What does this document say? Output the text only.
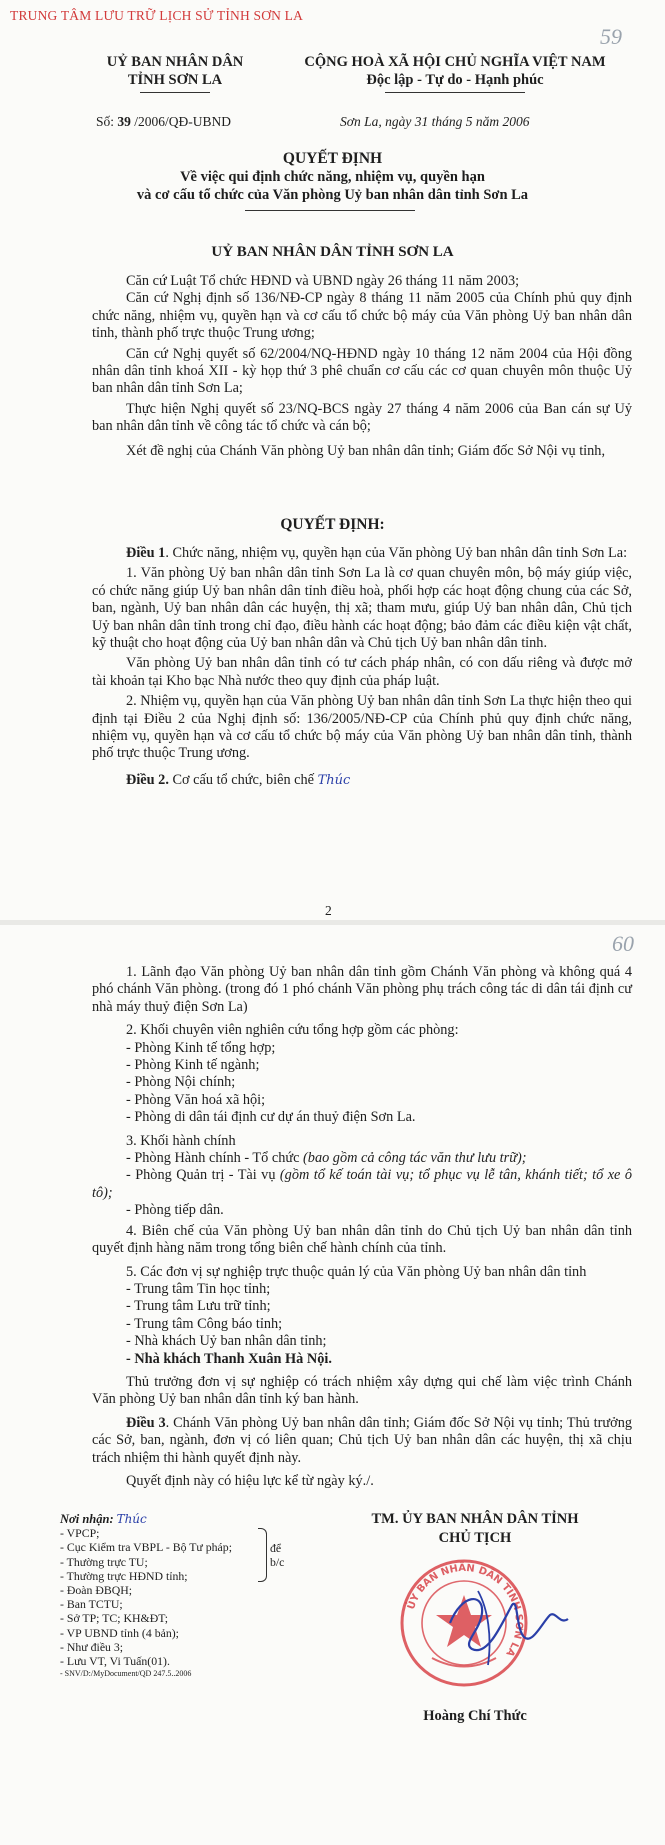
TRUNG TÂM LƯU TRỮ LỊCH SỬ TỈNH SƠN LA
59
UỶ BAN NHÂN DÂN
TỈNH SƠN LA
CỘNG HOÀ XÃ HỘI CHỦ NGHĨA VIỆT NAM
Độc lập - Tự do - Hạnh phúc
Số: 39 /2006/QĐ-UBND	Sơn La, ngày 31 tháng 5 năm 2006
QUYẾT ĐỊNH
Về việc qui định chức năng, nhiệm vụ, quyền hạn
và cơ cấu tổ chức của Văn phòng Uỷ ban nhân dân tỉnh Sơn La
UỶ BAN NHÂN DÂN TỈNH SƠN LA

Căn cứ Luật Tổ chức HĐND và UBND ngày 26 tháng 11 năm 2003;

Căn cứ Nghị định số 136/NĐ-CP ngày 8 tháng 11 năm 2005 của Chính phủ quy định chức năng, nhiệm vụ, quyền hạn và cơ cấu tổ chức bộ máy của Văn phòng Uỷ ban nhân dân tỉnh, thành phố trực thuộc Trung ương;

Căn cứ Nghị quyết số 62/2004/NQ-HĐND ngày 10 tháng 12 năm 2004 của Hội đồng nhân dân tỉnh khoá XII - kỳ họp thứ 3 phê chuẩn cơ cấu các cơ quan chuyên môn thuộc Uỷ ban nhân dân tỉnh Sơn La;

Thực hiện Nghị quyết số 23/NQ-BCS ngày 27 tháng 4 năm 2006 của Ban cán sự Uỷ ban nhân dân tỉnh về công tác tổ chức và cán bộ;

Xét đề nghị của Chánh Văn phòng Uỷ ban nhân dân tỉnh; Giám đốc Sở Nội vụ tỉnh,

QUYẾT ĐỊNH:

Điều 1. Chức năng, nhiệm vụ, quyền hạn của Văn phòng Uỷ ban nhân dân tỉnh Sơn La:

1. Văn phòng Uỷ ban nhân dân tỉnh Sơn La là cơ quan chuyên môn, bộ máy giúp việc, có chức năng giúp Uỷ ban nhân dân tỉnh điều hoà, phối hợp các hoạt động chung của các Sở, ban, ngành, Uỷ ban nhân dân các huyện, thị xã; tham mưu, giúp Uỷ ban nhân dân, Chủ tịch Uỷ ban nhân dân tỉnh trong chỉ đạo, điều hành các hoạt động; bảo đảm các điều kiện vật chất, kỹ thuật cho hoạt động của Uỷ ban nhân dân và Chủ tịch Uỷ ban nhân dân tỉnh.

Văn phòng Uỷ ban nhân dân tỉnh có tư cách pháp nhân, có con dấu riêng và được mở tài khoản tại Kho bạc Nhà nước theo quy định của pháp luật.

2. Nhiệm vụ, quyền hạn của Văn phòng Uỷ ban nhân dân tỉnh Sơn La thực hiện theo qui định tại Điều 2 của Nghị định số: 136/2005/NĐ-CP của Chính phủ quy định chức năng, nhiệm vụ, quyền hạn và cơ cấu tổ chức bộ máy của Văn phòng Uỷ ban nhân dân tỉnh, thành phố trực thuộc Trung ương.

Điều 2. Cơ cấu tổ chức, biên chế Thúc

2
60

1. Lãnh đạo Văn phòng Uỷ ban nhân dân tỉnh gồm Chánh Văn phòng và không quá 4 phó chánh Văn phòng. (trong đó 1 phó chánh Văn phòng phụ trách công tác di dân tái định cư nhà máy thuỷ điện Sơn La)

2. Khối chuyên viên nghiên cứu tổng hợp gồm các phòng:

- Phòng Kinh tế tổng hợp;

- Phòng Kinh tế ngành;

- Phòng Nội chính;

- Phòng Văn hoá xã hội;

- Phòng di dân tái định cư dự án thuỷ điện Sơn La.

3. Khối hành chính

- Phòng Hành chính - Tổ chức (bao gồm cả công tác văn thư lưu trữ);

- Phòng Quản trị - Tài vụ (gồm tổ kế toán tài vụ; tổ phục vụ lễ tân, khánh tiết; tổ xe ô tô);

- Phòng tiếp dân.

4. Biên chế của Văn phòng Uỷ ban nhân dân tỉnh do Chủ tịch Uỷ ban nhân dân tỉnh quyết định hàng năm trong tổng biên chế hành chính của tỉnh.

5. Các đơn vị sự nghiệp trực thuộc quản lý của Văn phòng Uỷ ban nhân dân tỉnh

- Trung tâm Tin học tỉnh;

- Trung tâm Lưu trữ tỉnh;

- Trung tâm Công báo tỉnh;

- Nhà khách Uỷ ban nhân dân tỉnh;

- Nhà khách Thanh Xuân Hà Nội.

Thủ trưởng đơn vị sự nghiệp có trách nhiệm xây dựng qui chế làm việc trình Chánh Văn phòng Uỷ ban nhân dân tỉnh ký ban hành.

Điều 3. Chánh Văn phòng Uỷ ban nhân dân tỉnh; Giám đốc Sở Nội vụ tỉnh; Thủ trưởng các Sở, ban, ngành, đơn vị có liên quan; Chủ tịch Uỷ ban nhân dân các huyện, thị xã chịu trách nhiệm thi hành quyết định này.

Quyết định này có hiệu lực kể từ ngày ký./.

Nơi nhận: Thúc
- VPCP;
- Cục Kiểm tra VBPL - Bộ Tư pháp;
- Thường trực TU;
- Thường trực HĐND tỉnh;
- Đoàn ĐBQH;
- Ban TCTU;
- Sở TP; TC; KH&ĐT;
- VP UBND tỉnh (4 bản);
- Như điều 3;
- Lưu VT, Vi Tuấn(01).
- SNV/D:/MyDocument/QD 247.5..2006
để
b/c
TM. ỦY BAN NHÂN DÂN TỈNH
CHỦ TỊCH
ỦY BAN NHÂN DÂN TỈNH SƠN LA
Hoàng Chí Thức
